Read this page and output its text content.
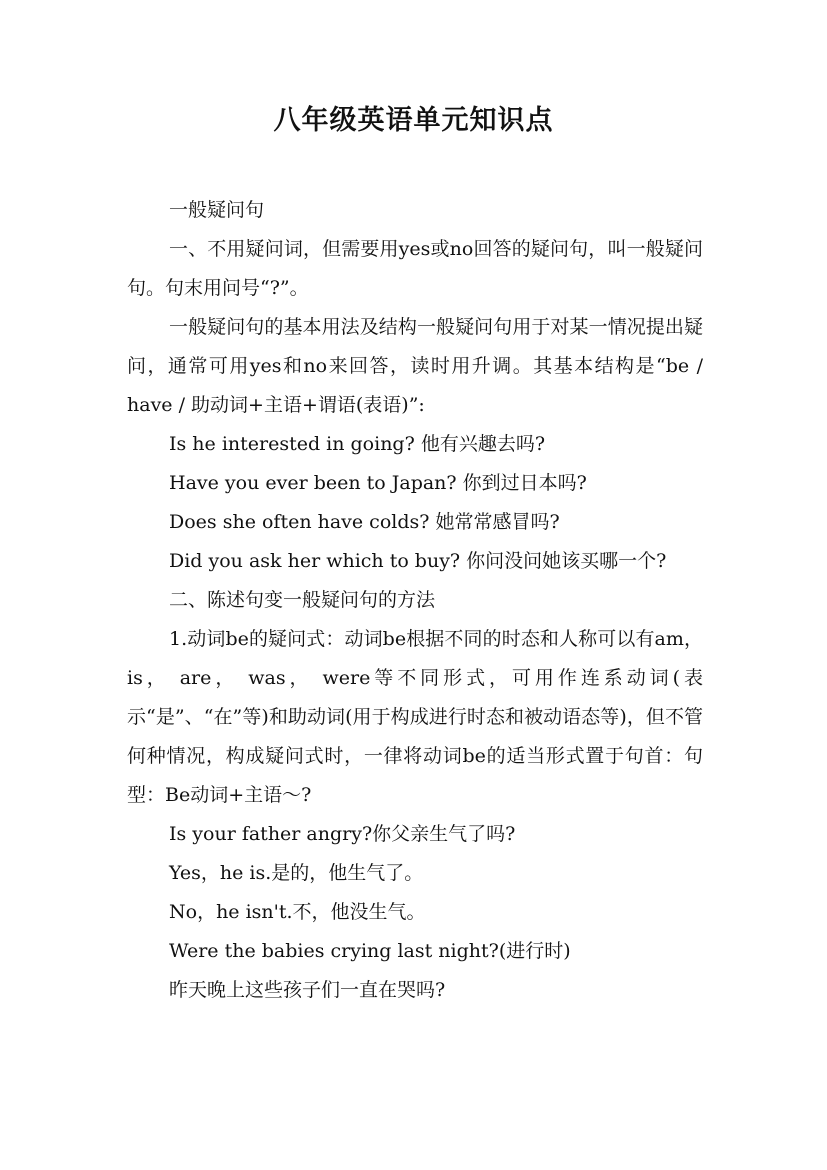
八年级英语单元知识点

一般疑问句

一、不用疑问词，但需要用yes或no回答的疑问句，叫一般疑问句。句末用问号“?”。

一般疑问句的基本用法及结构一般疑问句用于对某一情况提出疑问，通常可用yes和no来回答，读时用升调。其基本结构是“be / have / 助动词+主语+谓语(表语)”:

Is he interested in going? 他有兴趣去吗?

Have you ever been to Japan? 你到过日本吗?

Does she often have colds? 她常常感冒吗?

Did you ask her which to buy? 你问没问她该买哪一个?

二、陈述句变一般疑问句的方法

1.动词be的疑问式：动词be根据不同的时态和人称可以有am， is， are， was， were等不同形式，可用作连系动词(表示“是”、“在”等)和助动词(用于构成进行时态和被动语态等)，但不管何种情况，构成疑问式时，一律将动词be的适当形式置于句首：句型：Be动词+主语～?

Is your father angry?你父亲生气了吗?

Yes，he is.是的，他生气了。

No，he isn't.不，他没生气。

Were the babies crying last night?(进行时)

昨天晚上这些孩子们一直在哭吗?
